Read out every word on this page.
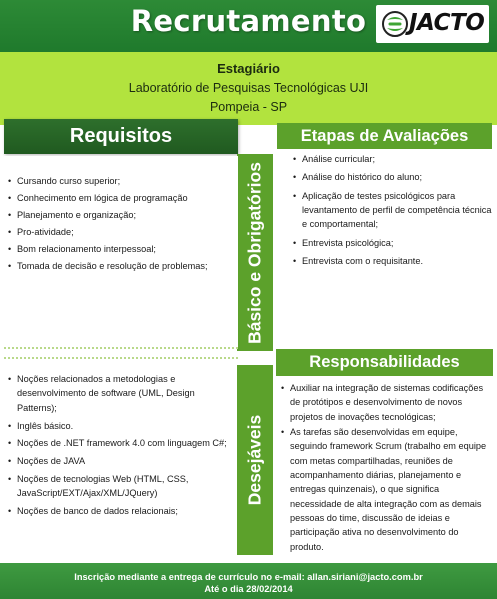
Recrutamento	JACTO
Estagiário
Laboratório de Pesquisas Tecnológicas UJI
Pompeia - SP
Requisitos	Etapas de Avaliações
Responsabilidades
Básico e Obrigatórios
Desejáveis
• Cursando curso superior;
• Conhecimento em lógica de programação
• Planejamento e organização;
• Pro-atividade;
• Bom relacionamento interpessoal;
• Tomada de decisão e resolução de problemas;
• Análise curricular;
• Análise do histórico do aluno;
• Aplicação de testes psicológicos para levantamento de perfil de competência técnica e comportamental;
• Entrevista psicológica;
• Entrevista com o requisitante.
• Noções relacionados a metodologias e desenvolvimento de software (UML, Design Patterns);
• Inglês básico.
• Noções de .NET framework 4.0 com linguagem C#;
• Noções de JAVA
• Noções de tecnologias Web (HTML, CSS, JavaScript/EXT/Ajax/XML/JQuery)
• Noções de banco de dados relacionais;
• Auxiliar na integração de sistemas codificações de protótipos e desenvolvimento de novos projetos de inovações tecnológicas;
• As tarefas são desenvolvidas em equipe, seguindo framework Scrum (trabalho em equipe com metas compartilhadas, reuniões de acompanhamento diárias, planejamento e entregas quinzenais), o que significa necessidade de alta integração com as demais pessoas do time, discussão de ideias e participação ativa no desenvolvimento do produto.
Inscrição mediante a entrega de currículo no e-mail: allan.siriani@jacto.com.br
Até o dia 28/02/2014
